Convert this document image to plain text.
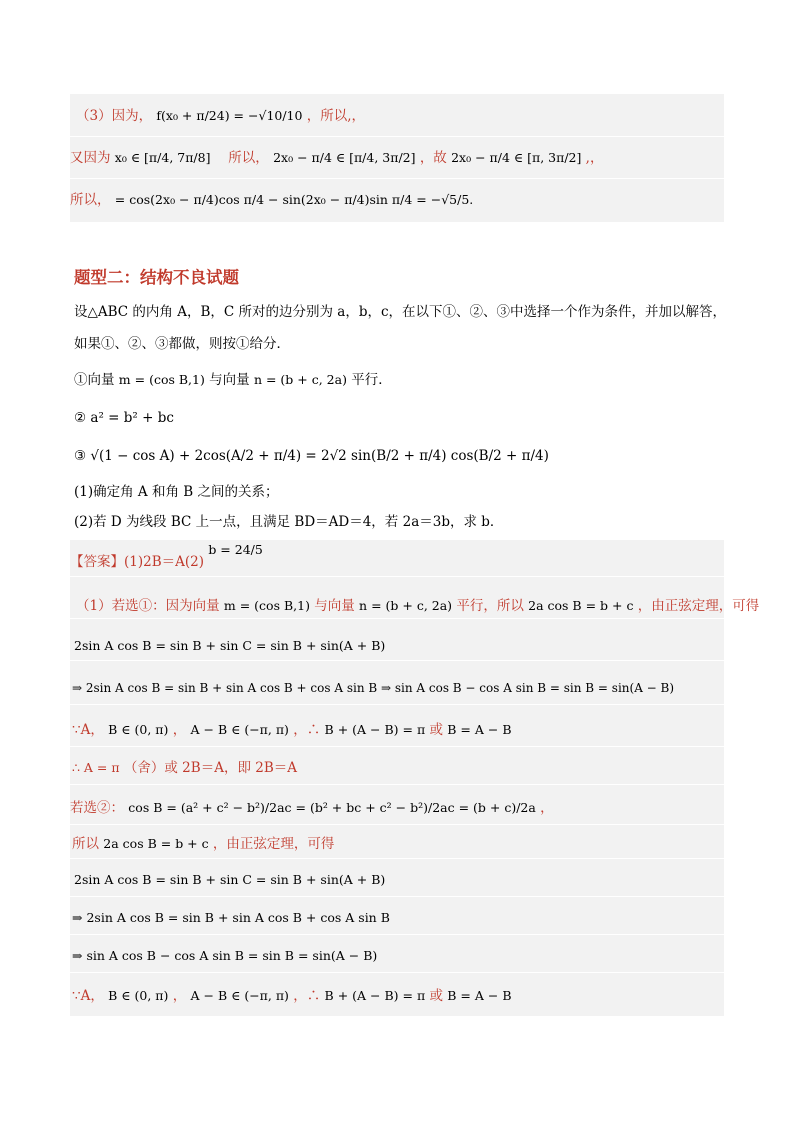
（3）因为， f(x₀ + π/24) = −√10/10 ，所以,，
又因为 x₀ ∈ [π/4, 7π/8] 　所以， 2x₀ − π/4 ∈ [π/4, 3π/2] ，故 2x₀ − π/4 ∈ [π, 3π/2] ,，
所以， = cos(2x₀ − π/4)cos π/4 − sin(2x₀ − π/4)sin π/4 = −√5/5.
题型二：结构不良试题
设△ABC 的内角 A，B，C 所对的边分别为 a，b，c，在以下①、②、③中选择一个作为条件，并加以解答，
如果①、②、③都做，则按①给分．
①向量 m = (cos B,1) 与向量 n = (b + c, 2a) 平行．
② a² = b² + bc
③ √(1 − cos A) + 2cos(A/2 + π/4) = 2√2 sin(B/2 + π/4) cos(B/2 + π/4)
(1)确定角 A 和角 B 之间的关系；
(2)若 D 为线段 BC 上一点，且满足 BD＝AD＝4，若 2a＝3b，求 b．
【答案】(1)2B＝A(2) b = 24/5
（1）若选①：因为向量 m = (cos B,1) 与向量 n = (b + c, 2a) 平行，所以 2a cos B = b + c ，由正弦定理，可得
2sin A cos B = sin B + sin C = sin B + sin(A + B)
⇒ 2sin A cos B = sin B + sin A cos B + cos A sin B ⇒ sin A cos B − cos A sin B = sin B = sin(A − B)
∵A， B ∈ (0, π) ， A − B ∈ (−π, π) ，∴ B + (A − B) = π 或 B = A − B
∴ A = π （舍）或 2B＝A，即 2B＝A
若选②： cos B = (a² + c² − b²)/2ac = (b² + bc + c² − b²)/2ac = (b + c)/2a ，
所以 2a cos B = b + c ，由正弦定理，可得
2sin A cos B = sin B + sin C = sin B + sin(A + B)
⇒ 2sin A cos B = sin B + sin A cos B + cos A sin B
⇒ sin A cos B − cos A sin B = sin B = sin(A − B)
∵A， B ∈ (0, π) ， A − B ∈ (−π, π) ，∴ B + (A − B) = π 或 B = A − B
